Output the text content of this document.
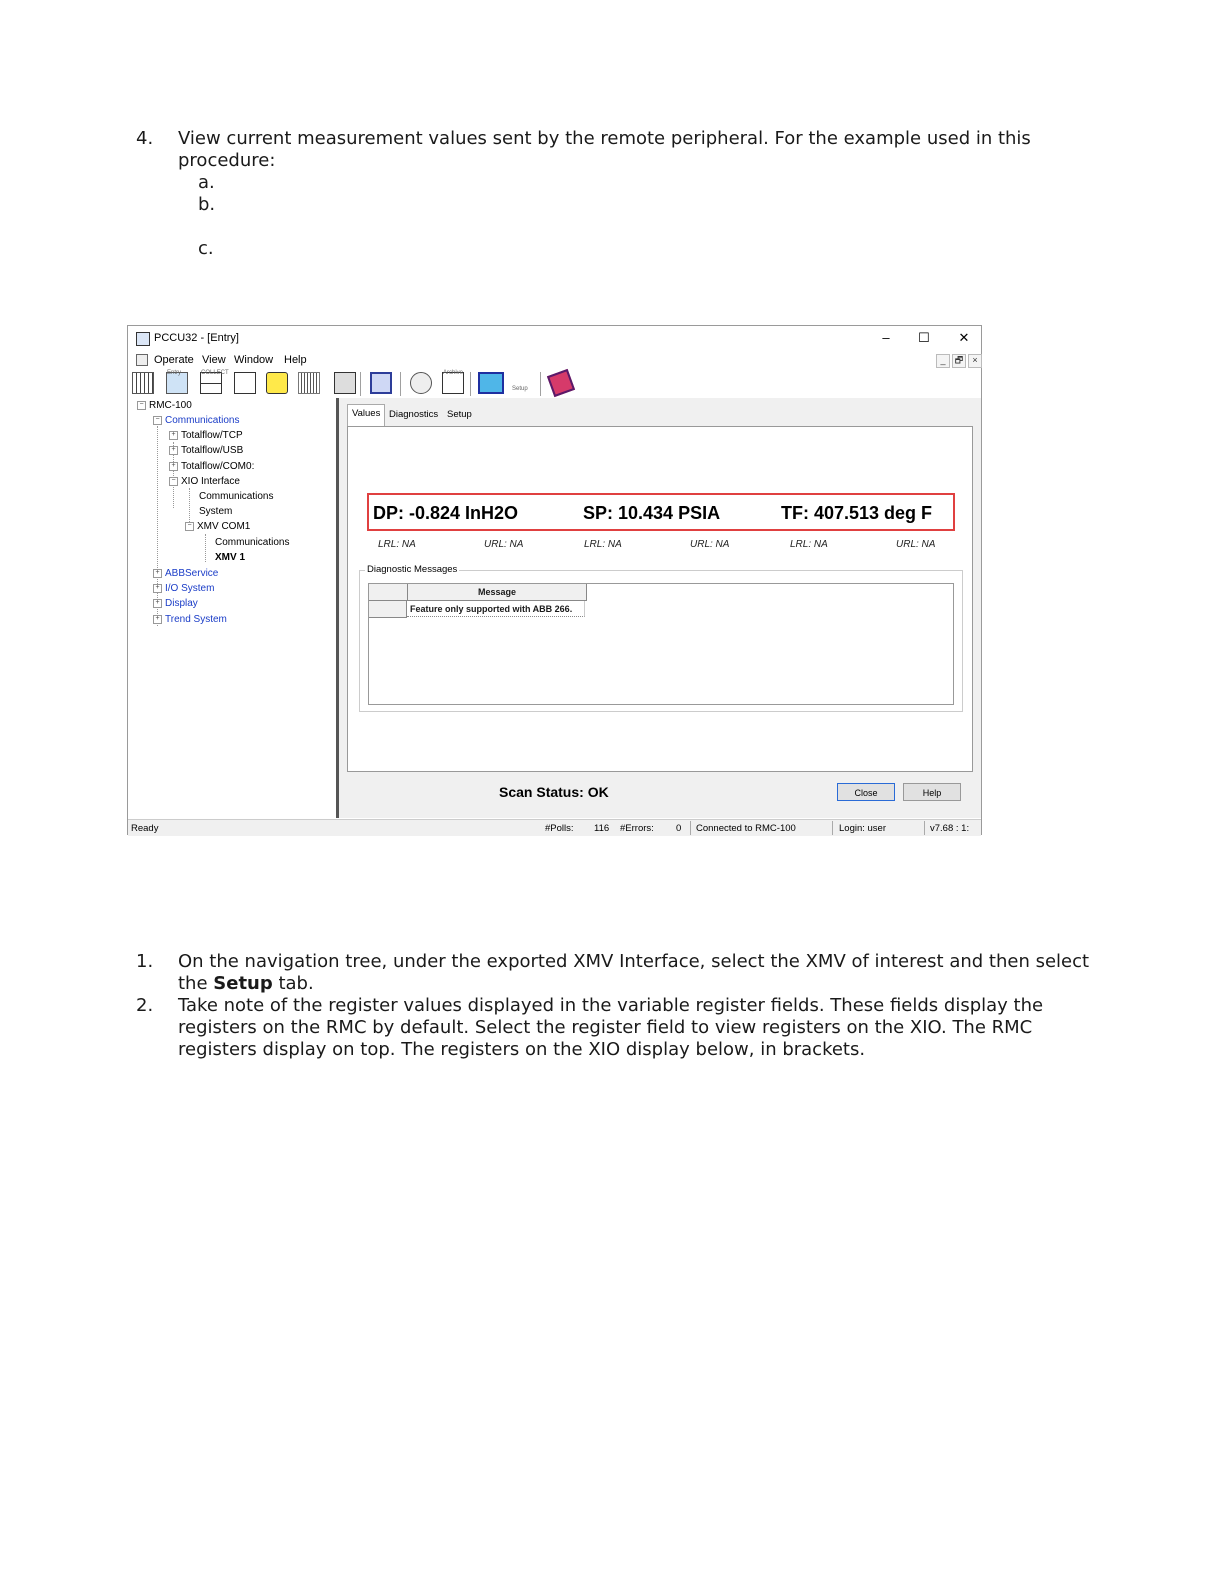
4. View current measurement values sent by the remote peripheral. For the example used in this procedure:
a.
b.
c.
PCCU32 - [Entry]	–	☐	✕
Operate View Window Help	_	🗗	×
Entry	COLLECT	Archive
Setup
− RMC-100
− Communications
+ Totalflow/TCP
+ Totalflow/USB
+ Totalflow/COM0:
− XIO Interface
Communications
System
− XMV COM1
Communications
XMV 1
+ ABBService
+ I/O System
+ Display
+ Trend System
Values Diagnostics Setup
DP: -0.824 InH2O	SP: 10.434 PSIA	TF: 407.513 deg F
LRL: NA	URL: NA	LRL: NA	URL: NA	LRL: NA	URL: NA
Diagnostic Messages
Message
Feature only supported with ABB 266.
Scan Status: OK	Close	Help
Ready	#Polls: 116 #Errors: 0 Connected to RMC-100	Login: user	v7.68 : 1:
1. On the navigation tree, under the exported XMV Interface, select the XMV of interest and then select the Setup tab.
2. Take note of the register values displayed in the variable register fields. These fields display the registers on the RMC by default. Select the register field to view registers on the XIO. The RMC registers display on top. The registers on the XIO display below, in brackets.
